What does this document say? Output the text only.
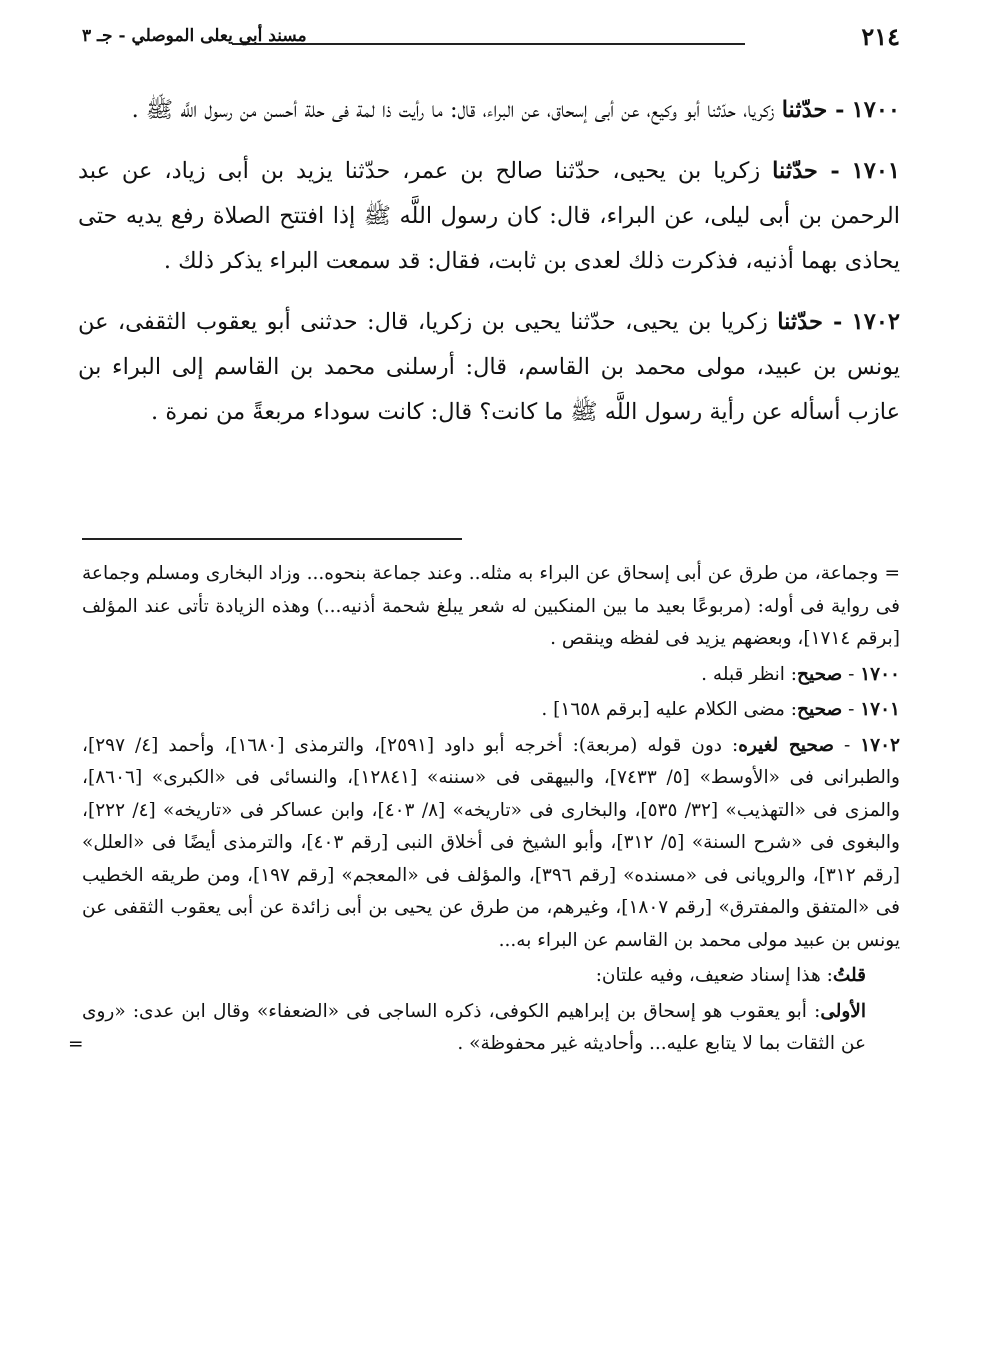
٢١٤
مسند أبي يعلى الموصلي - جـ ٣

١٧٠٠ - حدّثنا زكريا، حدّثنا أبو وكيع، عن أبى إسحاق، عن البراء، قال: ما رأيت ذا لمة فى حلة أحسن من رسول اللَّه ﷺ .

١٧٠١ - حدّثنا زكريا بن يحيى، حدّثنا صالح بن عمر، حدّثنا يزيد بن أبى زياد، عن عبد الرحمن بن أبى ليلى، عن البراء، قال: كان رسول اللَّه ﷺ إذا افتتح الصلاة رفع يديه حتى يحاذى بهما أذنيه، فذكرت ذلك لعدى بن ثابت، فقال: قد سمعت البراء يذكر ذلك .

١٧٠٢ - حدّثنا زكريا بن يحيى، حدّثنا يحيى بن زكريا، قال: حدثنى أبو يعقوب الثقفى، عن يونس بن عبيد، مولى محمد بن القاسم، قال: أرسلنى محمد بن القاسم إلى البراء بن عازب أسأله عن رأية رسول اللَّه ﷺ ما كانت؟ قال: كانت سوداء مربعةً من نمرة .

= وجماعة، من طرق عن أبى إسحاق عن البراء به مثله.. وعند جماعة بنحوه... وزاد البخارى ومسلم وجماعة فى رواية فى أوله: (مربوعًا بعيد ما بين المنكبين له شعر يبلغ شحمة أذنيه...) وهذه الزيادة تأتى عند المؤلف [برقم ١٧١٤]، وبعضهم يزيد فى لفظه وينقص .

١٧٠٠ - صحيح: انظر قبله .

١٧٠١ - صحيح: مضى الكلام عليه [برقم ١٦٥٨] .

١٧٠٢ - صحيح لغيره: دون قوله (مربعة): أخرجه أبو داود [٢٥٩١]، والترمذى [١٦٨٠]، وأحمد [٤/ ٢٩٧]، والطبرانى فى «الأوسط» [٥/ ٧٤٣٣]، والبيهقى فى «سننه» [١٢٨٤١]، والنسائى فى «الكبرى» [٨٦٠٦]، والمزى فى «التهذيب» [٣٢/ ٥٣٥]، والبخارى فى «تاريخه» [٨/ ٤٠٣]، وابن عساكر فى «تاريخه» [٤/ ٢٢٢]، والبغوى فى «شرح السنة» [٥/ ٣١٢]، وأبو الشيخ فى أخلاق النبى [رقم ٤٠٣]، والترمذى أيضًا فى «العلل» [رقم ٣١٢]، والرويانى فى «مسنده» [رقم ٣٩٦]، والمؤلف فى «المعجم» [رقم ١٩٧]، ومن طريقه الخطيب فى «المتفق والمفترق» [رقم ١٨٠٧]، وغيرهم، من طرق عن يحيى بن أبى زائدة عن أبى يعقوب الثقفى عن يونس بن عبيد مولى محمد بن القاسم عن البراء به...

قلتُ: هذا إسناد ضعيف، وفيه علتان:

الأولى: أبو يعقوب هو إسحاق بن إبراهيم الكوفى، ذكره الساجى فى «الضعفاء» وقال ابن عدى: «روى عن الثقات بما لا يتابع عليه... وأحاديثه غير محفوظة» .
=
